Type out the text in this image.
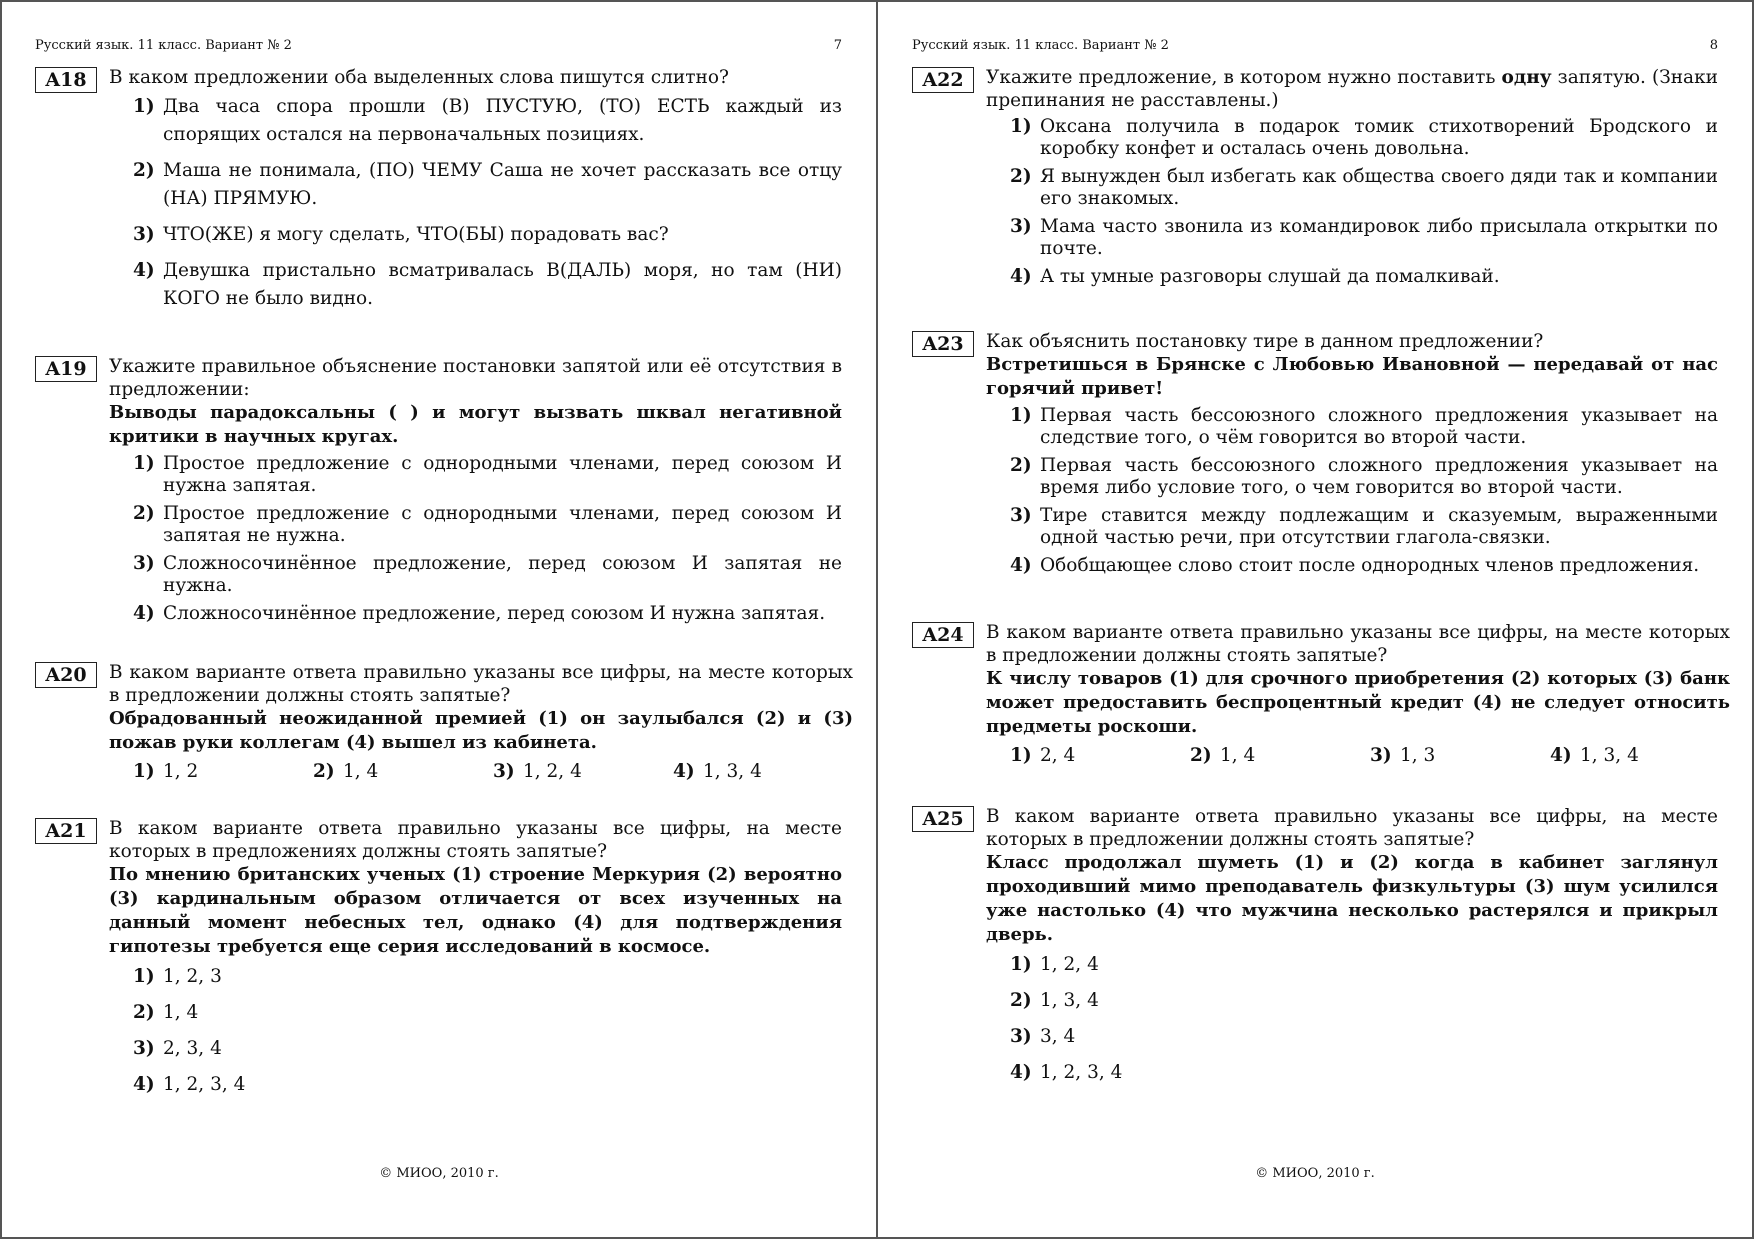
Русский язык. 11 класс. Вариант № 2	7
A18	В каком предложении оба выделенных слова пишутся слитно?
1) Два часа спора прошли (В) ПУСТУЮ, (ТО) ЕСТЬ каждый из спорящих остался на первоначальных позициях.
2) Маша не понимала, (ПО) ЧЕМУ Саша не хочет рассказать все отцу (НА) ПРЯМУЮ.
3) ЧТО(ЖЕ) я могу сделать, ЧТО(БЫ) порадовать вас?
4) Девушка пристально всматривалась В(ДАЛЬ) моря, но там (НИ) КОГО не было видно.
A19	Укажите правильное объяснение постановки запятой или её отсутствия в предложении:
Выводы парадоксальны ( ) и могут вызвать шквал негативной критики в научных кругах.
1) Простое предложение с однородными членами, перед союзом И нужна запятая.
2) Простое предложение с однородными членами, перед союзом И запятая не нужна.
3) Сложносочинённое предложение, перед союзом И запятая не нужна.
4) Сложносочинённое предложение, перед союзом И нужна запятая.
A20	В каком варианте ответа правильно указаны все цифры, на месте которых в предложении должны стоять запятые?
Обрадованный неожиданной премией (1) он заулыбался (2) и (3) пожав руки коллегам (4) вышел из кабинета.
1) 1, 2	2) 1, 4	3) 1, 2, 4	4) 1, 3, 4
A21	В каком варианте ответа правильно указаны все цифры, на месте которых в предложениях должны стоять запятые?
По мнению британских ученых (1) строение Меркурия (2) вероятно (3) кардинальным образом отличается от всех изученных на данный момент небесных тел, однако (4) для подтверждения гипотезы требуется еще серия исследований в космосе.
1) 1, 2, 3
2) 1, 4
3) 2, 3, 4
4) 1, 2, 3, 4
© МИОО, 2010 г.
Русский язык. 11 класс. Вариант № 2	8
A22	Укажите предложение, в котором нужно поставить одну запятую. (Знаки препинания не расставлены.)
1) Оксана получила в подарок томик стихотворений Бродского и коробку конфет и осталась очень довольна.
2) Я вынужден был избегать как общества своего дяди так и компании его знакомых.
3) Мама часто звонила из командировок либо присылала открытки по почте.
4) А ты умные разговоры слушай да помалкивай.
A23	Как объяснить постановку тире в данном предложении?
Встретишься в Брянске с Любовью Ивановной — передавай от нас горячий привет!
1) Первая часть бессоюзного сложного предложения указывает на следствие того, о чём говорится во второй части.
2) Первая часть бессоюзного сложного предложения указывает на время либо условие того, о чем говорится во второй части.
3) Тире ставится между подлежащим и сказуемым, выраженными одной частью речи, при отсутствии глагола-связки.
4) Обобщающее слово стоит после однородных членов предложения.
A24	В каком варианте ответа правильно указаны все цифры, на месте которых в предложении должны стоять запятые?
К числу товаров (1) для срочного приобретения (2) которых (3) банк может предоставить беспроцентный кредит (4) не следует относить предметы роскоши.
1) 2, 4	2) 1, 4	3) 1, 3	4) 1, 3, 4
A25	В каком варианте ответа правильно указаны все цифры, на месте которых в предложении должны стоять запятые?
Класс продолжал шуметь (1) и (2) когда в кабинет заглянул проходивший мимо преподаватель физкультуры (3) шум усилился уже настолько (4) что мужчина несколько растерялся и прикрыл дверь.
1) 1, 2, 4
2) 1, 3, 4
3) 3, 4
4) 1, 2, 3, 4
© МИОО, 2010 г.
